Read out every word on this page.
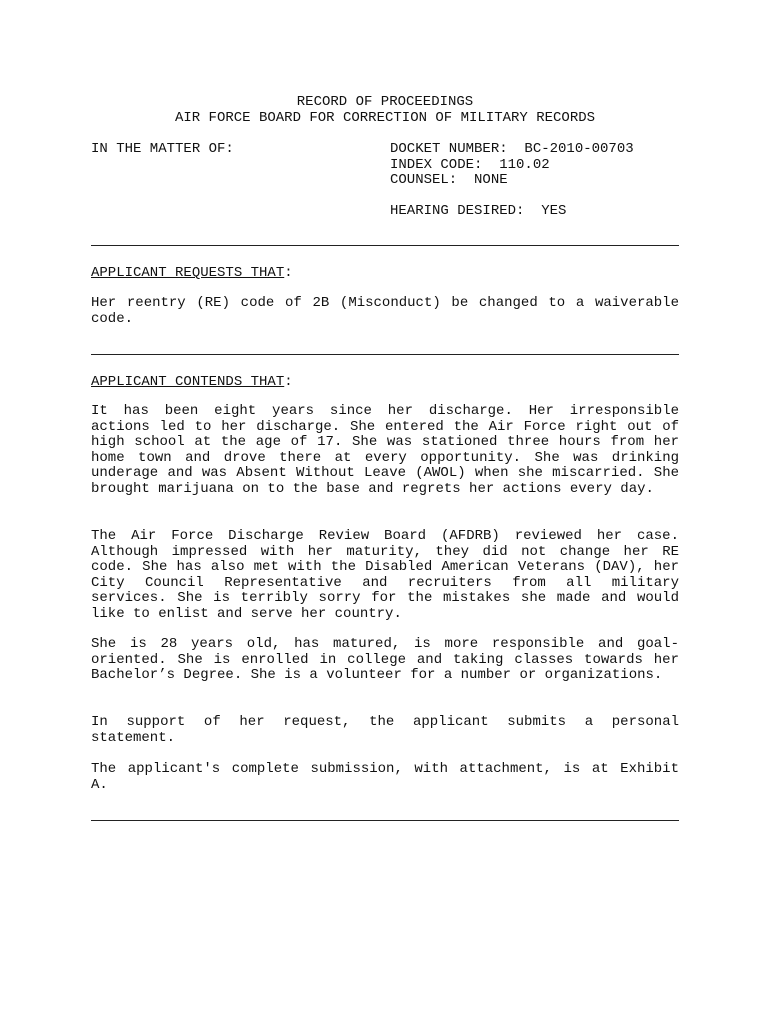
RECORD OF PROCEEDINGS
AIR FORCE BOARD FOR CORRECTION OF MILITARY RECORDS
IN THE MATTER OF:	DOCKET NUMBER:  BC-2010-00703
INDEX CODE:  110.02
COUNSEL:  NONE
HEARING DESIRED:  YES
APPLICANT REQUESTS THAT:

Her reentry (RE) code of 2B (Misconduct) be changed to a waiverable code.

APPLICANT CONTENDS THAT:

It has been eight years since her discharge. Her irresponsible actions led to her discharge. She entered the Air Force right out of high school at the age of 17. She was stationed three hours from her home town and drove there at every opportunity. She was drinking underage and was Absent Without Leave (AWOL) when she miscarried. She brought marijuana on to the base and regrets her actions every day.

The Air Force Discharge Review Board (AFDRB) reviewed her case. Although impressed with her maturity, they did not change her RE code. She has also met with the Disabled American Veterans (DAV), her City Council Representative and recruiters from all military services. She is terribly sorry for the mistakes she made and would like to enlist and serve her country.

She is 28 years old, has matured, is more responsible and goal-oriented. She is enrolled in college and taking classes towards her Bachelor’s Degree. She is a volunteer for a number or organizations.

In support of her request, the applicant submits a personal statement.

The applicant's complete submission, with attachment, is at Exhibit A.
